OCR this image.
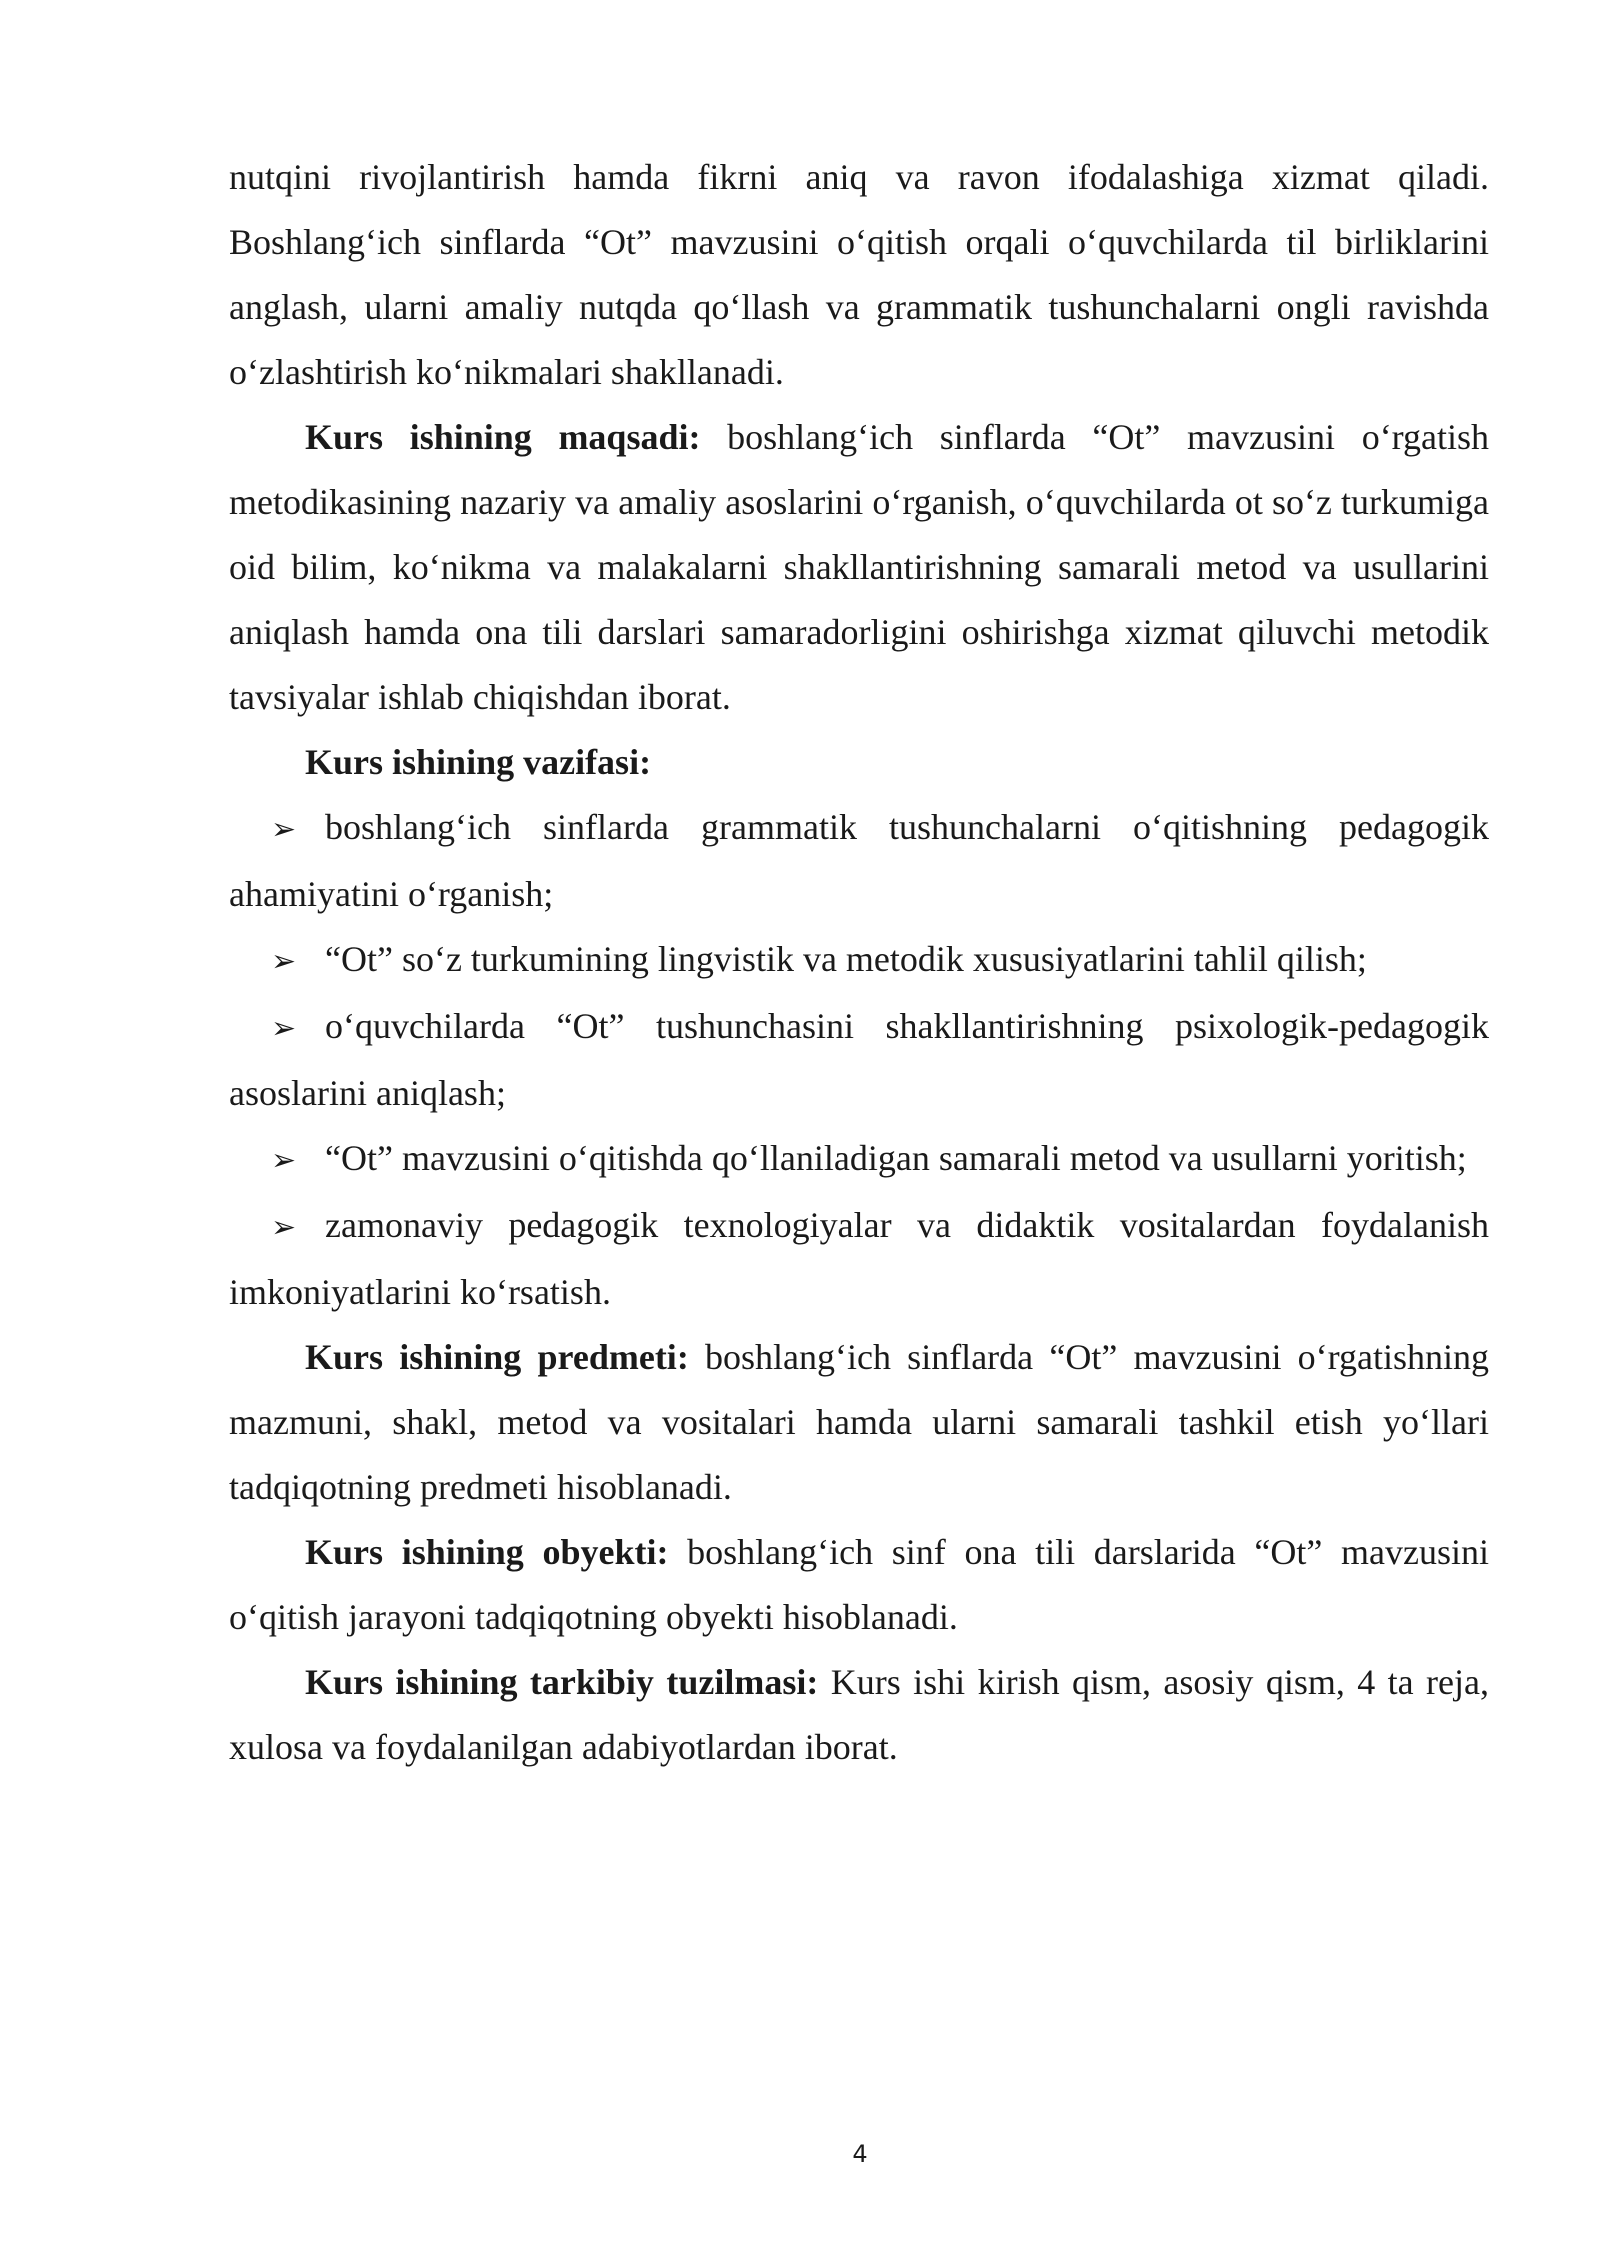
nutqini rivojlantirish hamda fikrni aniq va ravon ifodalashiga xizmat qiladi. Boshlang‘ich sinflarda “Ot” mavzusini o‘qitish orqali o‘quvchilarda til birliklarini anglash, ularni amaliy nutqda qo‘llash va grammatik tushunchalarni ongli ravishda o‘zlashtirish ko‘nikmalari shakllanadi.

Kurs ishining maqsadi: boshlang‘ich sinflarda “Ot” mavzusini o‘rgatish metodikasining nazariy va amaliy asoslarini o‘rganish, o‘quvchilarda ot so‘z turkumiga oid bilim, ko‘nikma va malakalarni shakllantirishning samarali metod va usullarini aniqlash hamda ona tili darslari samaradorligini oshirishga xizmat qiluvchi metodik tavsiyalar ishlab chiqishdan iborat.

Kurs ishining vazifasi:

➢ boshlang‘ich sinflarda grammatik tushunchalarni o‘qitishning pedagogik ahamiyatini o‘rganish;

➢ “Ot” so‘z turkumining lingvistik va metodik xususiyatlarini tahlil qilish;

➢ o‘quvchilarda “Ot” tushunchasini shakllantirishning psixologik-pedagogik asoslarini aniqlash;

➢ “Ot” mavzusini o‘qitishda qo‘llaniladigan samarali metod va usullarni yoritish;

➢ zamonaviy pedagogik texnologiyalar va didaktik vositalardan foydalanish imkoniyatlarini ko‘rsatish.

Kurs ishining predmeti: boshlang‘ich sinflarda “Ot” mavzusini o‘rgatishning mazmuni, shakl, metod va vositalari hamda ularni samarali tashkil etish yo‘llari tadqiqotning predmeti hisoblanadi.

Kurs ishining obyekti: boshlang‘ich sinf ona tili darslarida “Ot” mavzusini o‘qitish jarayoni tadqiqotning obyekti hisoblanadi.

Kurs ishining tarkibiy tuzilmasi: Kurs ishi kirish qism, asosiy qism, 4 ta reja, xulosa va foydalanilgan adabiyotlardan iborat.

4
